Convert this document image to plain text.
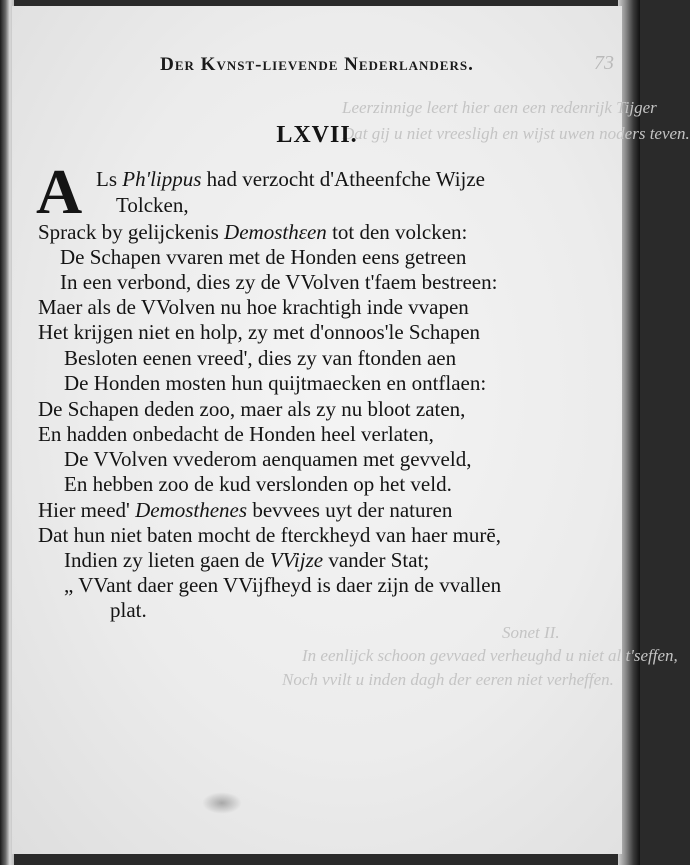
Leerzinnige leert hier aen een redenrijk Tijger
Dat gij u niet vreesligh en wijst uwen noders teven.
Sonet II.
In eenlijck schoon gevvaed verheughd u niet al t'seffen,
Noch vvilt u inden dagh der eeren niet verheffen.
Der Kvnst-lievende Nederlanders.	73
LXVII.
A Ls Ph'lippus had verzocht d'Atheenfche Wijze
Tolcken,
Sprack by gelijckenis Demosthεen tot den volcken:
De Schapen vvaren met de Honden eens getreen
In een verbond, dies zy de VVolven t'faem bestreen:
Maer als de VVolven nu hoe krachtigh inde vvapen
Het krijgen niet en holp, zy met d'onnoos'le Schapen
Besloten eenen vreed', dies zy van ftonden aen
De Honden mosten hun quijtmaecken en ontflaen:
De Schapen deden zoo, maer als zy nu bloot zaten,
En hadden onbedacht de Honden heel verlaten,
De VVolven vvederom aenquamen met gevveld,
En hebben zoo de kud verslonden op het veld.
Hier meed' Demosthenes bevvees uyt der naturen
Dat hun niet baten mocht de fterckheyd van haer murē,
Indien zy lieten gaen de VVijze vander Stat;
„ VVant daer geen VVijfheyd is daer zijn de vvallen
plat.
